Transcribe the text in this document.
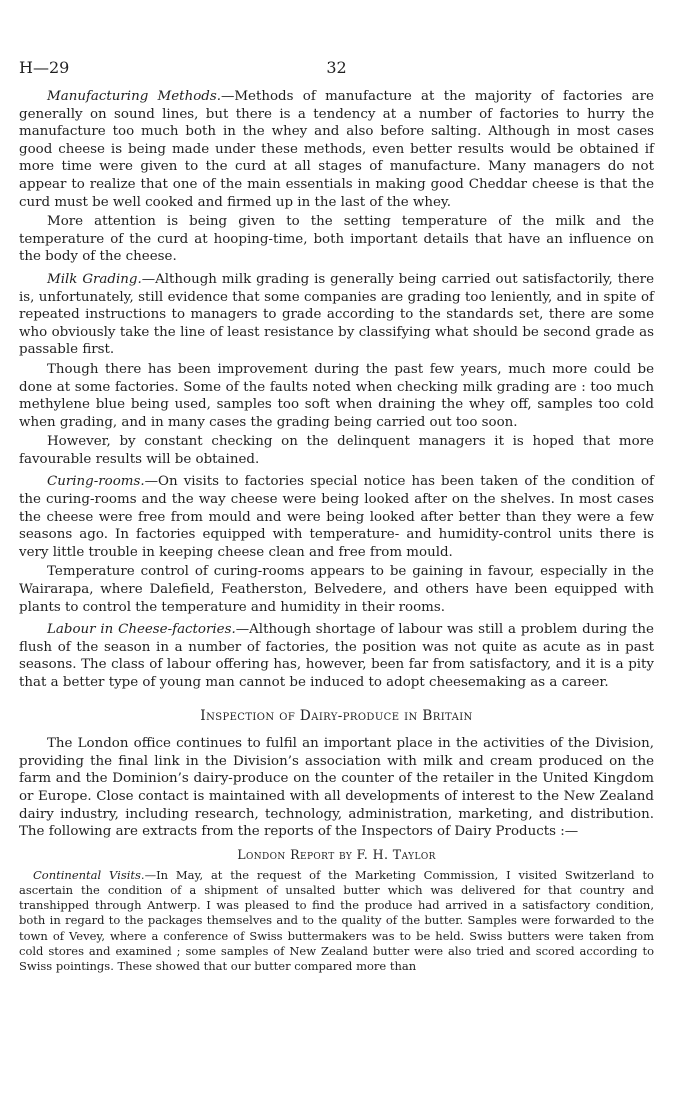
H—29	32

Manufacturing Methods.—Methods of manufacture at the majority of factories are generally on sound lines, but there is a tendency at a number of factories to hurry the manufacture too much both in the whey and also before salting. Although in most cases good cheese is being made under these methods, even better results would be obtained if more time were given to the curd at all stages of manufacture. Many managers do not appear to realize that one of the main essentials in making good Cheddar cheese is that the curd must be well cooked and firmed up in the last of the whey.

More attention is being given to the setting temperature of the milk and the temperature of the curd at hooping-time, both important details that have an influence on the body of the cheese.

Milk Grading.—Although milk grading is generally being carried out satisfactorily, there is, unfortunately, still evidence that some companies are grading too leniently, and in spite of repeated instructions to managers to grade according to the standards set, there are some who obviously take the line of least resistance by classifying what should be second grade as passable first.

Though there has been improvement during the past few years, much more could be done at some factories. Some of the faults noted when checking milk grading are : too much methylene blue being used, samples too soft when draining the whey off, samples too cold when grading, and in many cases the grading being carried out too soon.

However, by constant checking on the delinquent managers it is hoped that more favourable results will be obtained.

Curing-rooms.—On visits to factories special notice has been taken of the condition of the curing-rooms and the way cheese were being looked after on the shelves. In most cases the cheese were free from mould and were being looked after better than they were a few seasons ago. In factories equipped with temperature- and humidity-control units there is very little trouble in keeping cheese clean and free from mould.

Temperature control of curing-rooms appears to be gaining in favour, especially in the Wairarapa, where Dalefield, Featherston, Belvedere, and others have been equipped with plants to control the temperature and humidity in their rooms.

Labour in Cheese-factories.—Although shortage of labour was still a problem during the flush of the season in a number of factories, the position was not quite as acute as in past seasons. The class of labour offering has, however, been far from satisfactory, and it is a pity that a better type of young man cannot be induced to adopt cheesemaking as a career.

Inspection of Dairy-produce in Britain

The London office continues to fulfil an important place in the activities of the Division, providing the final link in the Division’s association with milk and cream produced on the farm and the Dominion’s dairy-produce on the counter of the retailer in the United Kingdom or Europe. Close contact is maintained with all developments of interest to the New Zealand dairy industry, including research, technology, administration, marketing, and distribution. The following are extracts from the reports of the Inspectors of Dairy Products :—

London Report by F. H. Taylor

Continental Visits.—In May, at the request of the Marketing Commission, I visited Switzerland to ascertain the condition of a shipment of unsalted butter which was delivered for that country and transhipped through Antwerp. I was pleased to find the produce had arrived in a satisfactory condition, both in regard to the packages themselves and to the quality of the butter. Samples were forwarded to the town of Vevey, where a conference of Swiss buttermakers was to be held. Swiss butters were taken from cold stores and examined ; some samples of New Zealand butter were also tried and scored according to Swiss pointings. These showed that our butter compared more than
